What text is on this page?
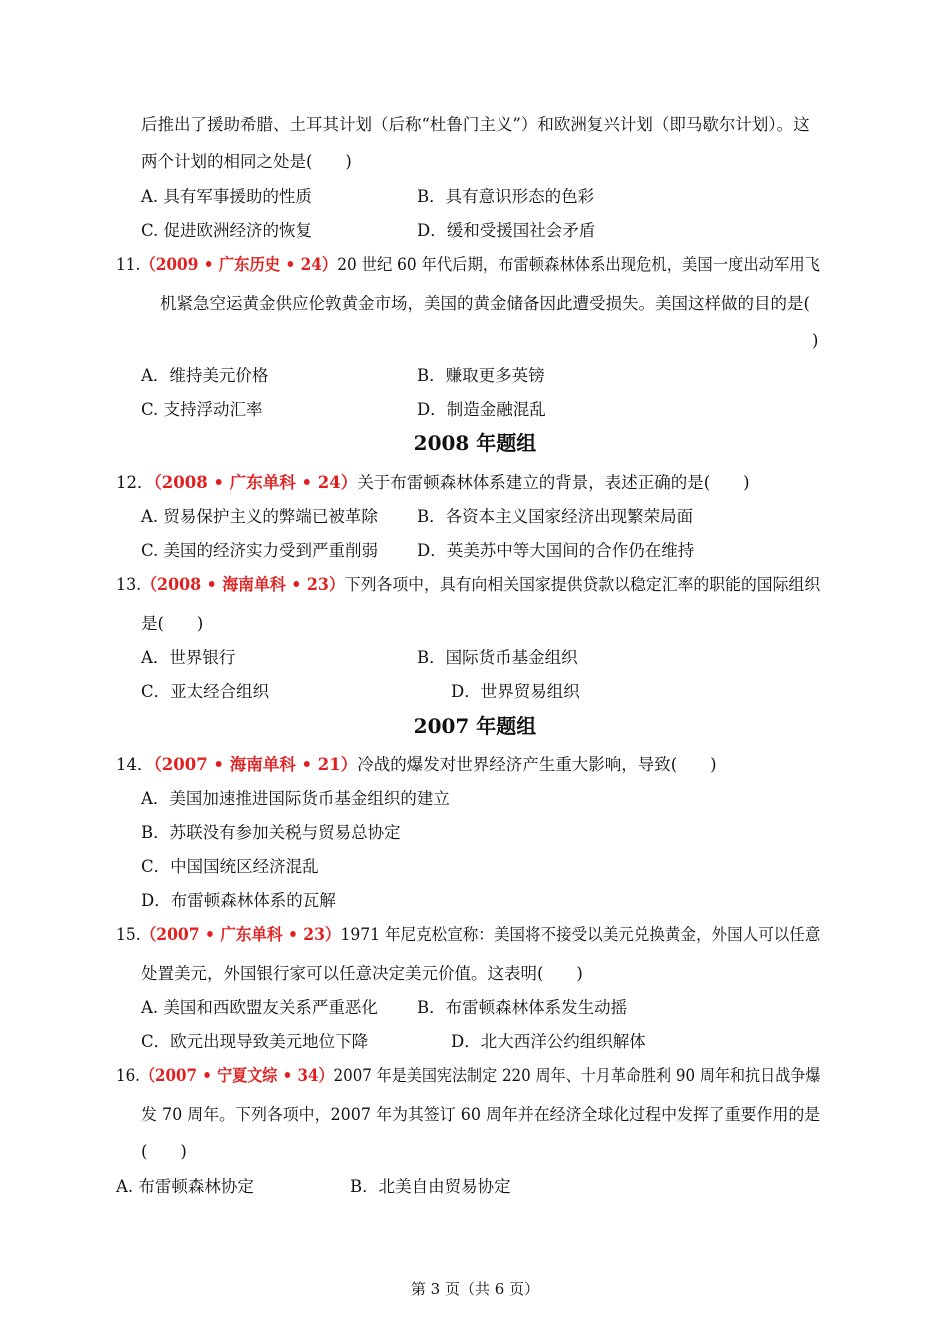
后推出了援助希腊、土耳其计划（后称“杜鲁门主义”）和欧洲复兴计划（即马歇尔计划）。这
两个计划的相同之处是(　　)
A. 具有军事援助的性质	B．具有意识形态的色彩
C. 促进欧洲经济的恢复	D．缓和受援国社会矛盾
11.（2009 • 广东历史 • 24）20 世纪 60 年代后期，布雷顿森林体系出现危机，美国一度出动军用飞
机紧急空运黄金供应伦敦黄金市场，美国的黄金储备因此遭受损失。美国这样做的目的是(
)
A．维持美元价格	B．赚取更多英镑
C. 支持浮动汇率	D．制造金融混乱
2008 年题组
12．（2008 • 广东单科 • 24）关于布雷顿森林体系建立的背景，表述正确的是(　　)
A. 贸易保护主义的弊端已被革除 B．各资本主义国家经济出现繁荣局面
C. 美国的经济实力受到严重削弱 D．英美苏中等大国间的合作仍在维持
13.（2008 • 海南单科 • 23）下列各项中，具有向相关国家提供贷款以稳定汇率的职能的国际组织
是(　　)
A．世界银行	B．国际货币基金组织
C．亚太经合组织	D．世界贸易组织
2007 年题组
14．（2007 • 海南单科 • 21）冷战的爆发对世界经济产生重大影响，导致(　　)
A．美国加速推进国际货币基金组织的建立
B．苏联没有参加关税与贸易总协定
C．中国国统区经济混乱
D．布雷顿森林体系的瓦解
15.（2007 • 广东单科 • 23）1971 年尼克松宣称：美国将不接受以美元兑换黄金，外国人可以任意
处置美元，外国银行家可以任意决定美元价值。这表明(　　)
A. 美国和西欧盟友关系严重恶化 B．布雷顿森林体系发生动摇
C．欧元出现导致美元地位下降	D．北大西洋公约组织解体
16.（2007 • 宁夏文综 • 34）2007 年是美国宪法制定 220 周年、十月革命胜利 90 周年和抗日战争爆
发 70 周年。下列各项中，2007 年为其签订 60 周年并在经济全球化过程中发挥了重要作用的是
(　　)
A. 布雷顿森林协定	B．北美自由贸易协定
第 3 页（共 6 页）
